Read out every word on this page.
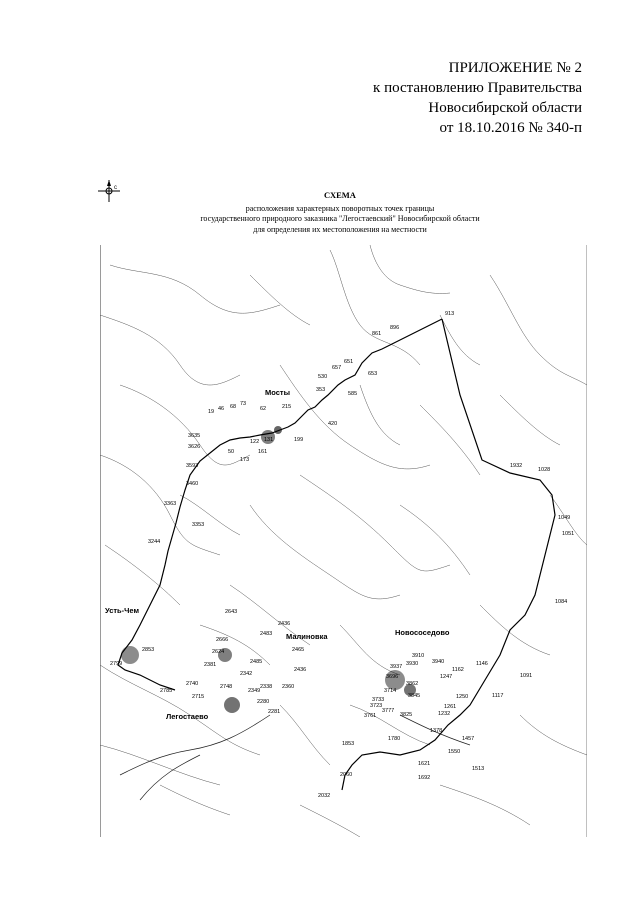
ПРИЛОЖЕНИЕ № 2
к постановлению Правительства
Новосибирской области
от 18.10.2016 № 340-п
с
СХЕМА
расположения характерных поворотных точек границы
государственного природного заказника "Легостаевский" Новосибирской области
для определения их местоположения на местности
Мосты
Усть-Чем
Малиновка
Легостаево
Новососедово
913
896
861
651
657
653
530
353
585
420
215
62
73
68
46
19
3635
3626
3593
3460
3363
3353
3244
50
173
161
199
122 131
1932
1028
1049
1051
1084
1091
1117
1146
1162
1247
1250
1261
1232
1378
1457
1513
1550
1621
1692
1780
1853
2060
2032
3910
3940
3937 3930
3696
3714
3862
3845
3825
3777
3723
3733
3761
2643
2436
2483
2465
2436
2360
2280
2281
2666
2624
2485
2342
2338
2349
2381
2799
2853
2785
2740
2715
2748
